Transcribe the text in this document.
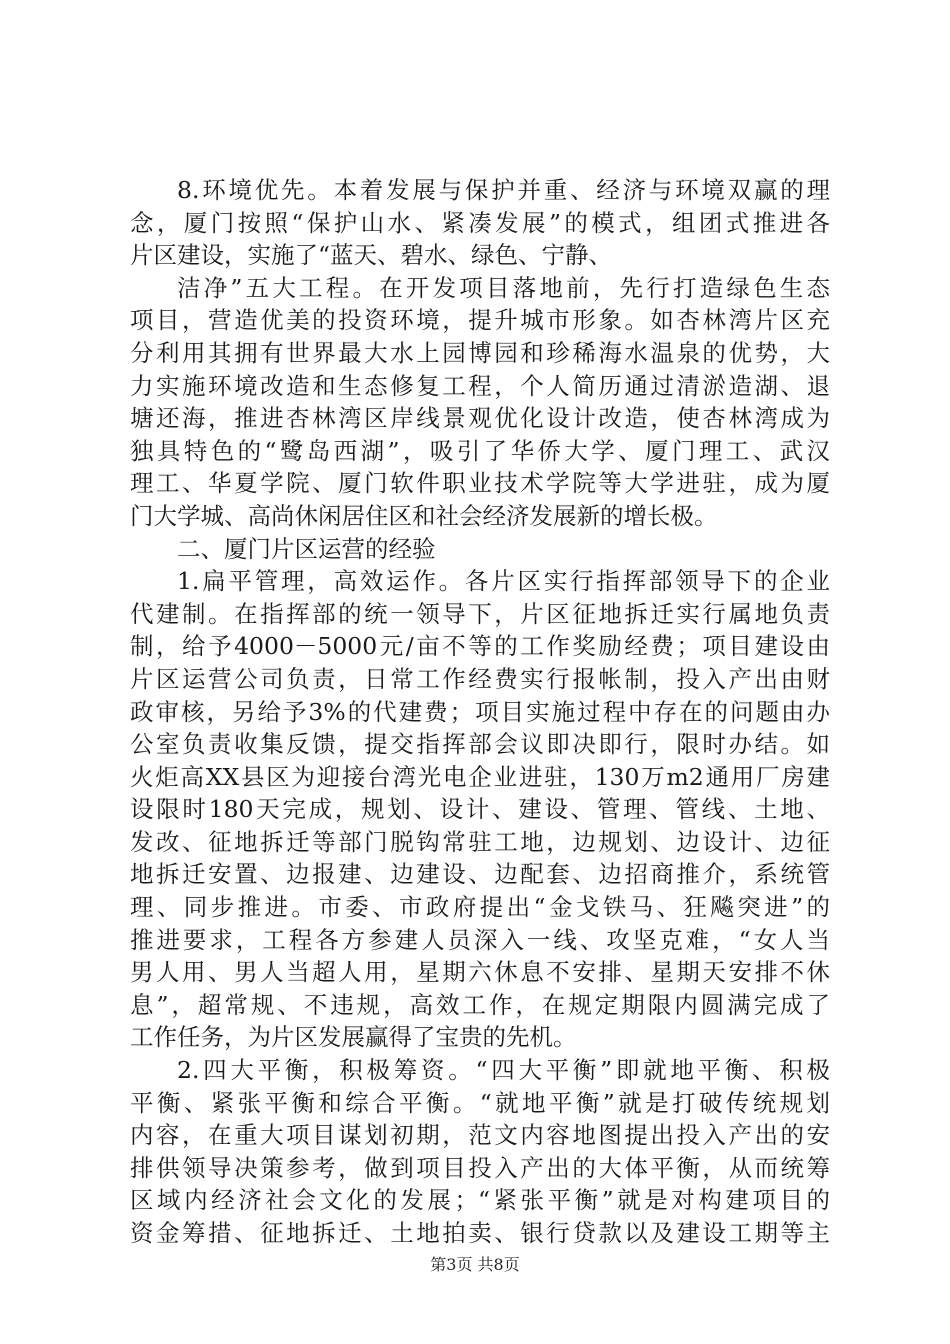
8.环境优先。本着发展与保护并重、经济与环境双赢的理
念，厦门按照“保护山水、紧凑发展”的模式，组团式推进各
片区建设，实施了“蓝天、碧水、绿色、宁静、
洁净”五大工程。在开发项目落地前，先行打造绿色生态
项目，营造优美的投资环境，提升城市形象。如杏林湾片区充
分利用其拥有世界最大水上园博园和珍稀海水温泉的优势，大
力实施环境改造和生态修复工程，个人简历通过清淤造湖、退
塘还海，推进杏林湾区岸线景观优化设计改造，使杏林湾成为
独具特色的“鹭岛西湖”，吸引了华侨大学、厦门理工、武汉
理工、华夏学院、厦门软件职业技术学院等大学进驻，成为厦
门大学城、高尚休闲居住区和社会经济发展新的增长极。
二、厦门片区运营的经验
1.扁平管理，高效运作。各片区实行指挥部领导下的企业
代建制。在指挥部的统一领导下，片区征地拆迁实行属地负责
制，给予4000－5000元/亩不等的工作奖励经费；项目建设由
片区运营公司负责，日常工作经费实行报帐制，投入产出由财
政审核，另给予3%的代建费；项目实施过程中存在的问题由办
公室负责收集反馈，提交指挥部会议即决即行，限时办结。如
火炬高XX县区为迎接台湾光电企业进驻，130万m2通用厂房建
设限时180天完成，规划、设计、建设、管理、管线、土地、
发改、征地拆迁等部门脱钩常驻工地，边规划、边设计、边征
地拆迁安置、边报建、边建设、边配套、边招商推介，系统管
理、同步推进。市委、市政府提出“金戈铁马、狂飚突进”的
推进要求，工程各方参建人员深入一线、攻坚克难，“女人当
男人用、男人当超人用，星期六休息不安排、星期天安排不休
息”，超常规、不违规，高效工作，在规定期限内圆满完成了
工作任务，为片区发展赢得了宝贵的先机。
2.四大平衡，积极筹资。“四大平衡”即就地平衡、积极
平衡、紧张平衡和综合平衡。“就地平衡”就是打破传统规划
内容，在重大项目谋划初期，范文内容地图提出投入产出的安
排供领导决策参考，做到项目投入产出的大体平衡，从而统筹
区域内经济社会文化的发展；“紧张平衡”就是对构建项目的
资金筹措、征地拆迁、土地拍卖、银行贷款以及建设工期等主
第3页 共8页
